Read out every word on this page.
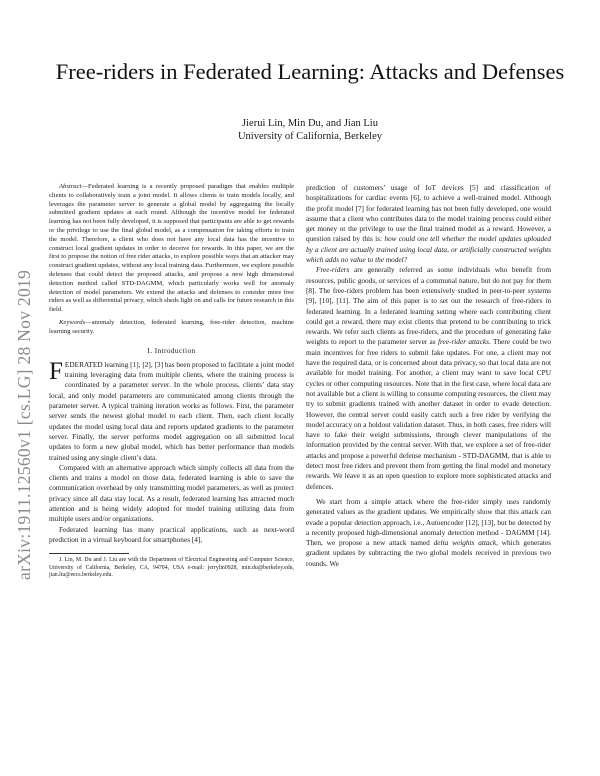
arXiv:1911.12560v1 [cs.LG] 28 Nov 2019
Free-riders in Federated Learning: Attacks and Defenses
Jierui Lin, Min Du, and Jian Liu
University of California, Berkeley

Abstract—Federated learning is a recently proposed paradigm that enables multiple clients to collaboratively train a joint model. It allows clients to train models locally, and leverages the parameter server to generate a global model by aggregating the locally submitted gradient updates at each round. Although the incentive model for federated learning has not been fully developed, it is supposed that participants are able to get rewards or the privilege to use the final global model, as a compensation for taking efforts to train the model. Therefore, a client who does not have any local data has the incentive to construct local gradient updates in order to deceive for rewards. In this paper, we are the first to propose the notion of free rider attacks, to explore possible ways that an attacker may construct gradient updates, without any local training data. Furthermore, we explore possible defenses that could detect the proposed attacks, and propose a new high dimensional detection method called STD-DAGMM, which particularly works well for anomaly detection of model parameters. We extend the attacks and defenses to consider more free riders as well as differential privacy, which sheds light on and calls for future research in this field.

Keywords—anomaly detection, federated learning, free-rider detection, machine learning security.

I. Introduction

FEDERATED learning [1], [2], [3] has been proposed to facilitate a joint model training leveraging data from multiple clients, where the training process is coordinated by a parameter server. In the whole process, clients’ data stay local, and only model parameters are communicated among clients through the parameter server. A typical training iteration works as follows. First, the parameter server sends the newest global model to each client. Then, each client locally updates the model using local data and reports updated gradients to the parameter server. Finally, the server performs model aggregation on all submitted local updates to form a new global model, which has better performance than models trained using any single client’s data.

Compared with an alternative approach which simply collects all data from the clients and trains a model on those data, federated learning is able to save the communication overhead by only transmitting model parameters, as well as protect privacy since all data stay local. As a result, federated learning has attracted much attention and is being widely adopted for model training utilizing data from multiple users and/or organizations.

Federated learning has many practical applications, such as next-word prediction in a virtual keyboard for smartphones [4],

J. Lin, M. Du and J. Liu are with the Department of Electrical Engineering and Computer Science, University of California, Berkeley, CA, 94704, USA e-mail: jerrylin0928, min.du@berkeley.edu, jian.liu@eecs.berkeley.edu.

prediction of customers’ usage of IoT devices [5] and classification of hospitalizations for cardiac events [6], to achieve a well-trained model. Although the profit model [7] for federated learning has not been fully developed, one would assume that a client who contributes data to the model training process could either get money or the privilege to use the final trained model as a reward. However, a question raised by this is: how could one tell whether the model updates uploaded by a client are actually trained using local data, or artificially constructed weights which adds no value to the model?

Free-riders are generally referred as some individuals who benefit from resources, public goods, or services of a communal nature, but do not pay for them [8]. The free-riders problem has been extensively studied in peer-to-peer systems [9], [10], [11]. The aim of this paper is to set out the research of free-riders in federated learning. In a federated learning setting where each contributing client could get a reward, there may exist clients that pretend to be contributing to trick rewards. We refer such clients as free-riders, and the procedure of generating fake weights to report to the parameter server as free-rider attacks. There could be two main incentives for free riders to submit fake updates. For one, a client may not have the required data, or is concerned about data privacy, so that local data are not available for model training. For another, a client may want to save local CPU cycles or other computing resources. Note that in the first case, where local data are not available but a client is willing to consume computing resources, the client may try to submit gradients trained with another dataset in order to evade detection. However, the central server could easily catch such a free rider by verifying the model accuracy on a holdout validation dataset. Thus, in both cases, free riders will have to fake their weight submissions, through clever manipulations of the information provided by the central server. With that, we explore a set of free-rider attacks and propose a powerful defense mechanism - STD-DAGMM, that is able to detect most free riders and prevent them from getting the final model and monetary rewards. We leave it as an open question to explore more sophisticated attacks and defences.

We start from a simple attack where the free-rider simply uses randomly generated values as the gradient updates. We empirically show that this attack can evade a popular detection approach, i.e., Autoencoder [12], [13], but be detected by a recently proposed high-dimensional anomaly detection method - DAGMM [14]. Then, we propose a new attack named delta weights attack, which generates gradient updates by subtracting the two global models received in previous two rounds. We
